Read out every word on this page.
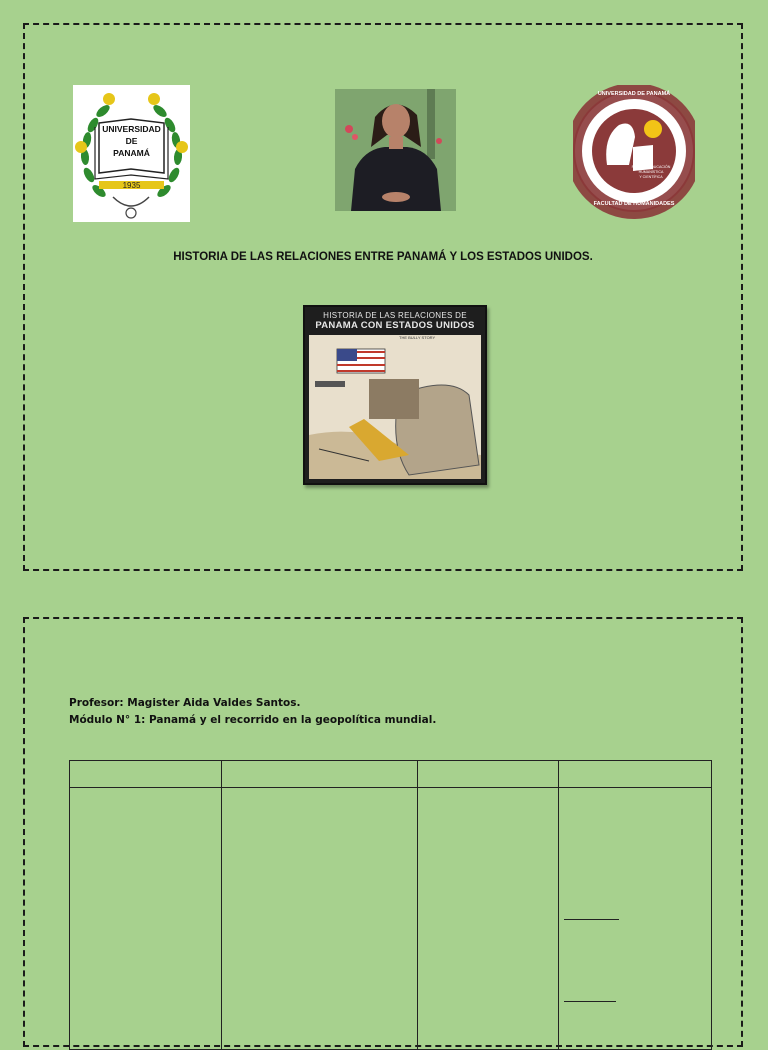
UNIVERSIDAD
DE
PANAMÁ
1935
UNIVERSIDAD DE PANAMÁ
POR UNA EDUCACIÓN
HUMANÍSTICA
Y CIENTÍFICA
FACULTAD DE HUMANIDADES
HISTORIA DE LAS RELACIONES ENTRE PANAMÁ Y LOS ESTADOS UNIDOS.
HISTORIA DE LAS RELACIONES DE
PANAMA CON ESTADOS UNIDOS
THE BULLY STORY
Profesor: Magister Aida Valdes Santos.
Módulo N° 1: Panamá y el recorrido en la geopolítica mundial.
